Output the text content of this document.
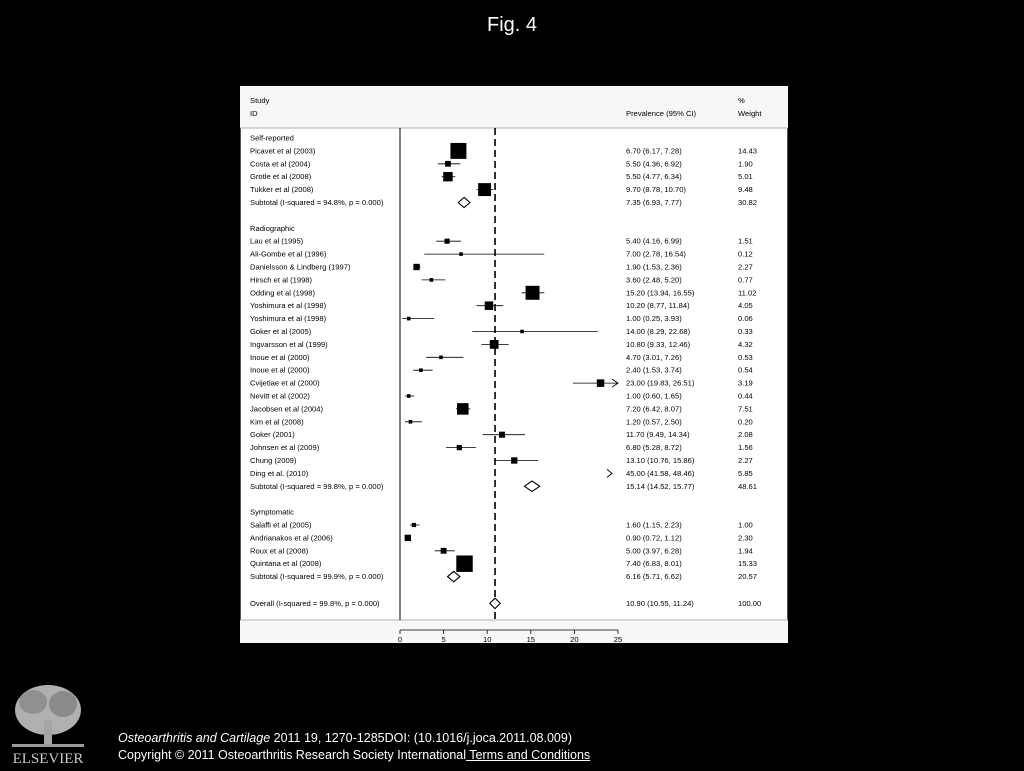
Fig. 4
Study
ID	Prevalence (95% CI)
%
Weight
Self-reported
Picavet et al (2003)	6.70 (6.17, 7.28)	14.43
Costa et al (2004)	5.50 (4.36, 6.92)	1.90
Grotle et al (2008)	5.50 (4.77, 6.34)	5.01
Tukker et al (2008)	9.70 (8.78, 10.70)	9.48
Subtotal (I-squared = 94.8%, p = 0.000)	7.35 (6.93, 7.77)	30.82
Radiographic
Lau et al (1995)	5.40 (4.16, 6.99)	1.51
Ali-Gombe et al (1996)	7.00 (2.78, 16.54)	0.12
Danielsson & Lindberg (1997)	1.90 (1.53, 2.36)	2.27
Hirsch et al (1998)	3.60 (2.48, 5.20)	0.77
Odding et al (1998)	15.20 (13.94, 16.55)	11.02
Yoshimura et al (1998)	10.20 (8.77, 11.84)	4.05
Yoshimura et al (1998)	1.00 (0.25, 3.93)	0.06
Goker et al (2005)	14.00 (8.29, 22.68)	0.33
Ingvarsson et al (1999)	10.80 (9.33, 12.46)	4.32
Inoue et al (2000)	4.70 (3.01, 7.26)	0.53
Inoue et al (2000)	2.40 (1.53, 3.74)	0.54
Cvijetiae et al (2000)	23.00 (19.83, 26.51)	3.19
Nevitt et al (2002)	1.00 (0.60, 1.65)	0.44
Jacobsen et al (2004)	7.20 (6.42, 8.07)	7.51
Kim et al (2008)	1.20 (0.57, 2.50)	0.20
Goker (2001)	11.70 (9.49, 14.34)	2.08
Johnsen et al (2009)	6.80 (5.28, 8.72)	1.56
Chung (2009)	13.10 (10.76, 15.86)	2.27
Ding et al. (2010)	45.00 (41.58, 48.46)	5.85
Subtotal (I-squared = 99.8%, p = 0.000)	15.14 (14.52, 15.77)	48.61
Symptomatic
Salaffi et al (2005)	1.60 (1.15, 2.23)	1.00
Andrianakos et al (2006)	0.90 (0.72, 1.12)	2.30
Roux et al (2008)	5.00 (3.97, 6.28)	1.94
Quintana et al (2008)	7.40 (6.83, 8.01)	15.33
Subtotal (I-squared = 99.9%, p = 0.000)	6.16 (5.71, 6.62)	20.57
Overall (I-squared = 99.8%, p = 0.000)	10.90 (10.55, 11.24)	100.00
0	5	10	15	20	25
ELSEVIER
Osteoarthritis and Cartilage 2011 19, 1270-1285DOI: (10.1016/j.joca.2011.08.009)
Copyright © 2011 Osteoarthritis Research Society International Terms and Conditions
